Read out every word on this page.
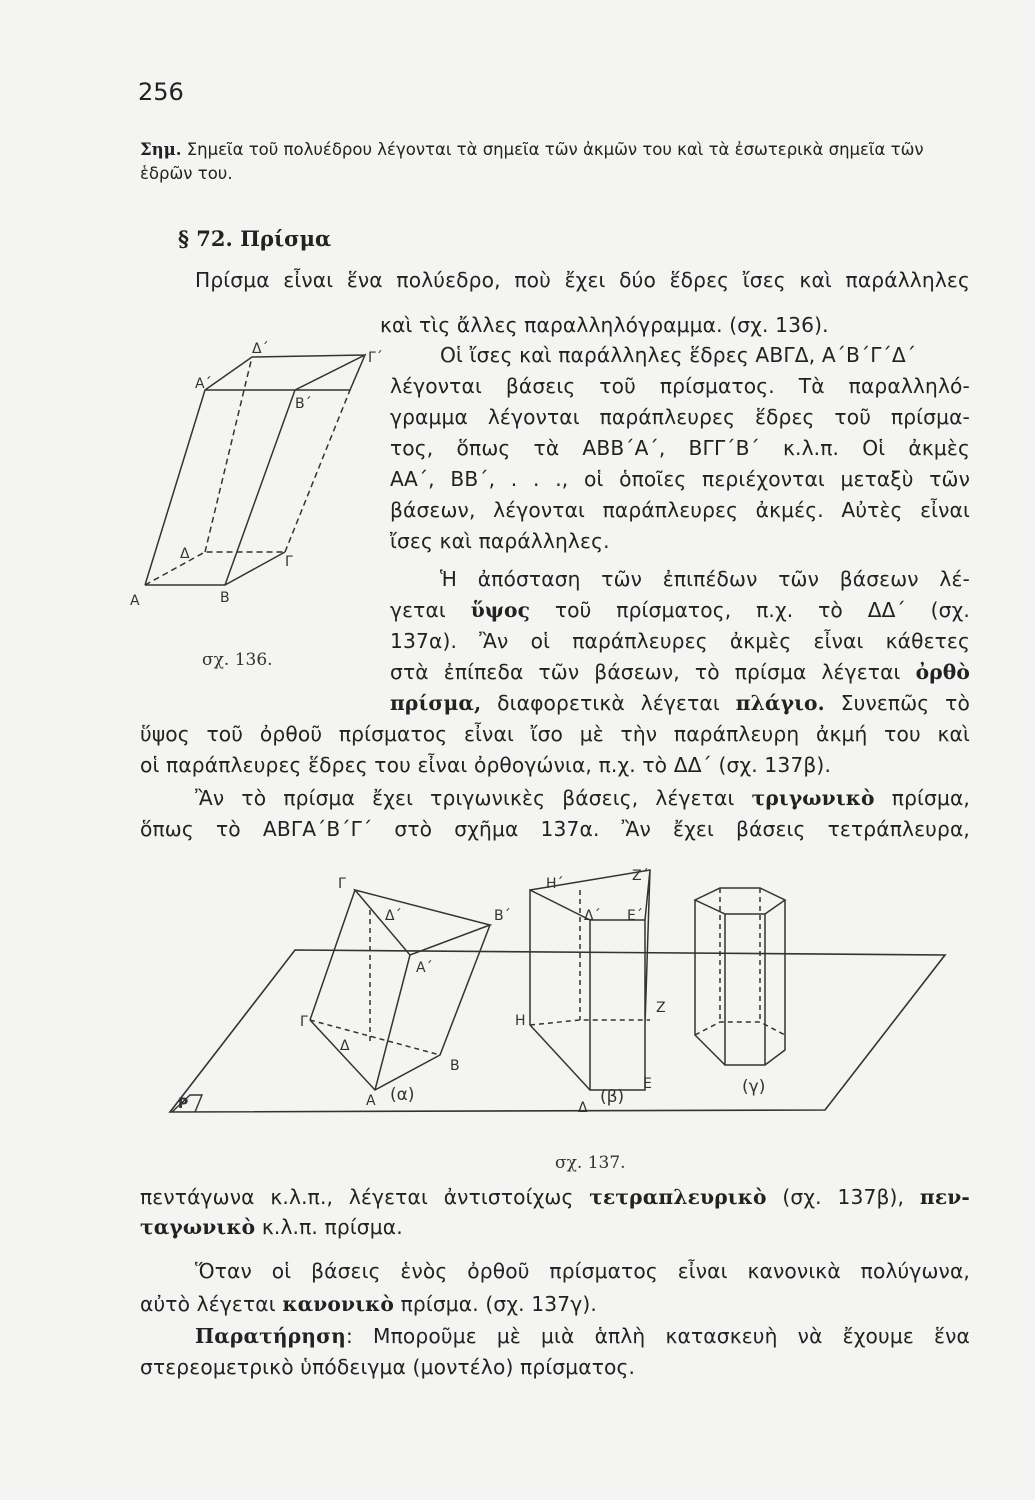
256
Σημ. Σημεῖα τοῦ πολυέδρου λέγονται τὰ σημεῖα τῶν ἀκμῶν του καὶ τὰ ἐσωτερικὰ σημεῖα τῶν ἑδρῶν του.
§ 72. Πρίσμα
Πρίσμα εἶναι ἕνα πολύεδρο, ποὺ ἔχει δύο ἕδρες ἴσες καὶ παράλληλες
καὶ τὶς ἄλλες παραλληλόγραμμα. (σχ. 136).
Οἱ ἴσες καὶ παράλληλες ἕδρες ΑΒΓΔ, Α΄Β΄Γ΄Δ΄
λέγονται βάσεις τοῦ πρίσματος. Τὰ παραλληλό-
γραμμα λέγονται παράπλευρες ἕδρες τοῦ πρίσμα-
τος, ὅπως τὰ ΑΒΒ΄Α΄, ΒΓΓ΄Β΄ κ.λ.π. Οἱ ἀκμὲς
ΑΑ΄, ΒΒ΄, . . ., οἱ ὁποῖες περιέχονται μεταξὺ τῶν
βάσεων, λέγονται παράπλευρες ἀκμές. Αὐτὲς εἶναι
ἴσες καὶ παράλληλες.
Ἡ ἀπόσταση τῶν ἐπιπέδων τῶν βάσεων λέ-
γεται ὕψος τοῦ πρίσματος, π.χ. τὸ ΔΔ΄ (σχ.
137α). Ἂν οἱ παράπλευρες ἀκμὲς εἶναι κάθετες
στὰ ἐπίπεδα τῶν βάσεων, τὸ πρίσμα λέγεται ὀρθὸ
πρίσμα, διαφορετικὰ λέγεται πλάγιο. Συνεπῶς τὸ
ὕψος τοῦ ὀρθοῦ πρίσματος εἶναι ἴσο μὲ τὴν παράπλευρη ἀκμή του καὶ
οἱ παράπλευρες ἕδρες του εἶναι ὀρθογώνια, π.χ. τὸ ΔΔ΄ (σχ. 137β).
Ἂν τὸ πρίσμα ἔχει τριγωνικὲς βάσεις, λέγεται τριγωνικὸ πρίσμα,
ὅπως τὸ ΑΒΓΑ΄Β΄Γ΄ στὸ σχῆμα 137α. Ἂν ἔχει βάσεις τετράπλευρα,
πεντάγωνα κ.λ.π., λέγεται ἀντιστοίχως τετραπλευρικὸ (σχ. 137β), πεν-
ταγωνικὸ κ.λ.π. πρίσμα.
Ὅταν οἱ βάσεις ἑνὸς ὀρθοῦ πρίσματος εἶναι κανονικὰ πολύγωνα,
αὐτὸ λέγεται κανονικὸ πρίσμα. (σχ. 137γ).
Παρατήρηση: Μποροῦμε μὲ μιὰ ἁπλὴ κατασκευὴ νὰ ἔχουμε ἕνα
στερεομετρικὸ ὑπόδειγμα (μοντέλο) πρίσματος.
A	B
Γ
Δ
A΄
B΄
Γ΄
Δ΄
σχ. 136.
P
Γ
Δ΄	B΄
A΄
Γ
Δ
B
A (α)
H΄	Z΄
Δ΄ E΄
H
Z
Δ
E
(β)	(γ)
σχ. 137.
